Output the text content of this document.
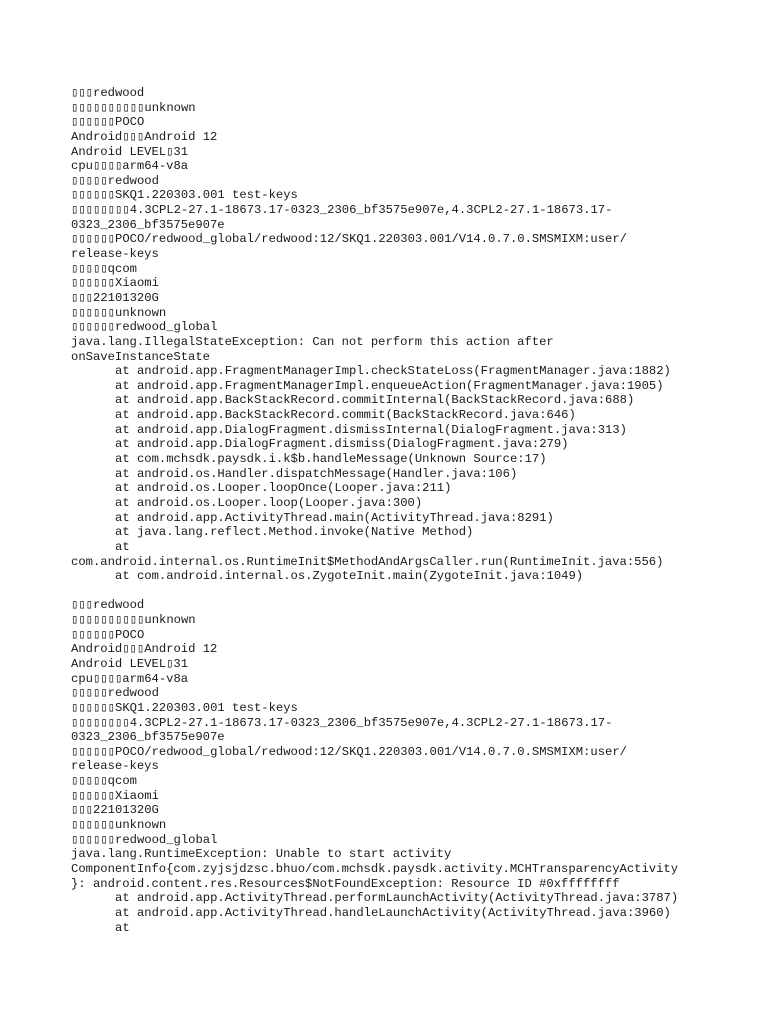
▯▯▯redwood
▯▯▯▯▯▯▯▯▯▯unknown
▯▯▯▯▯▯POCO
Android▯▯▯Android 12
Android LEVEL▯31
cpu▯▯▯▯arm64-v8a
▯▯▯▯▯redwood
▯▯▯▯▯▯SKQ1.220303.001 test-keys
▯▯▯▯▯▯▯▯4.3CPL2-27.1-18673.17-0323_2306_bf3575e907e,4.3CPL2-27.1-18673.17-
0323_2306_bf3575e907e
▯▯▯▯▯▯POCO/redwood_global/redwood:12/SKQ1.220303.001/V14.0.7.0.SMSMIXM:user/
release-keys
▯▯▯▯▯qcom
▯▯▯▯▯▯Xiaomi
▯▯▯22101320G
▯▯▯▯▯▯unknown
▯▯▯▯▯▯redwood_global
java.lang.IllegalStateException: Can not perform this action after
onSaveInstanceState
at android.app.FragmentManagerImpl.checkStateLoss(FragmentManager.java:1882)
at android.app.FragmentManagerImpl.enqueueAction(FragmentManager.java:1905)
at android.app.BackStackRecord.commitInternal(BackStackRecord.java:688)
at android.app.BackStackRecord.commit(BackStackRecord.java:646)
at android.app.DialogFragment.dismissInternal(DialogFragment.java:313)
at android.app.DialogFragment.dismiss(DialogFragment.java:279)
at com.mchsdk.paysdk.i.k$b.handleMessage(Unknown Source:17)
at android.os.Handler.dispatchMessage(Handler.java:106)
at android.os.Looper.loopOnce(Looper.java:211)
at android.os.Looper.loop(Looper.java:300)
at android.app.ActivityThread.main(ActivityThread.java:8291)
at java.lang.reflect.Method.invoke(Native Method)
at
com.android.internal.os.RuntimeInit$MethodAndArgsCaller.run(RuntimeInit.java:556)
at com.android.internal.os.ZygoteInit.main(ZygoteInit.java:1049)
▯▯▯redwood
▯▯▯▯▯▯▯▯▯▯unknown
▯▯▯▯▯▯POCO
Android▯▯▯Android 12
Android LEVEL▯31
cpu▯▯▯▯arm64-v8a
▯▯▯▯▯redwood
▯▯▯▯▯▯SKQ1.220303.001 test-keys
▯▯▯▯▯▯▯▯4.3CPL2-27.1-18673.17-0323_2306_bf3575e907e,4.3CPL2-27.1-18673.17-
0323_2306_bf3575e907e
▯▯▯▯▯▯POCO/redwood_global/redwood:12/SKQ1.220303.001/V14.0.7.0.SMSMIXM:user/
release-keys
▯▯▯▯▯qcom
▯▯▯▯▯▯Xiaomi
▯▯▯22101320G
▯▯▯▯▯▯unknown
▯▯▯▯▯▯redwood_global
java.lang.RuntimeException: Unable to start activity
ComponentInfo{com.zyjsjdzsc.bhuo/com.mchsdk.paysdk.activity.MCHTransparencyActivity
}: android.content.res.Resources$NotFoundException: Resource ID #0xffffffff
at android.app.ActivityThread.performLaunchActivity(ActivityThread.java:3787)
at android.app.ActivityThread.handleLaunchActivity(ActivityThread.java:3960)
at
